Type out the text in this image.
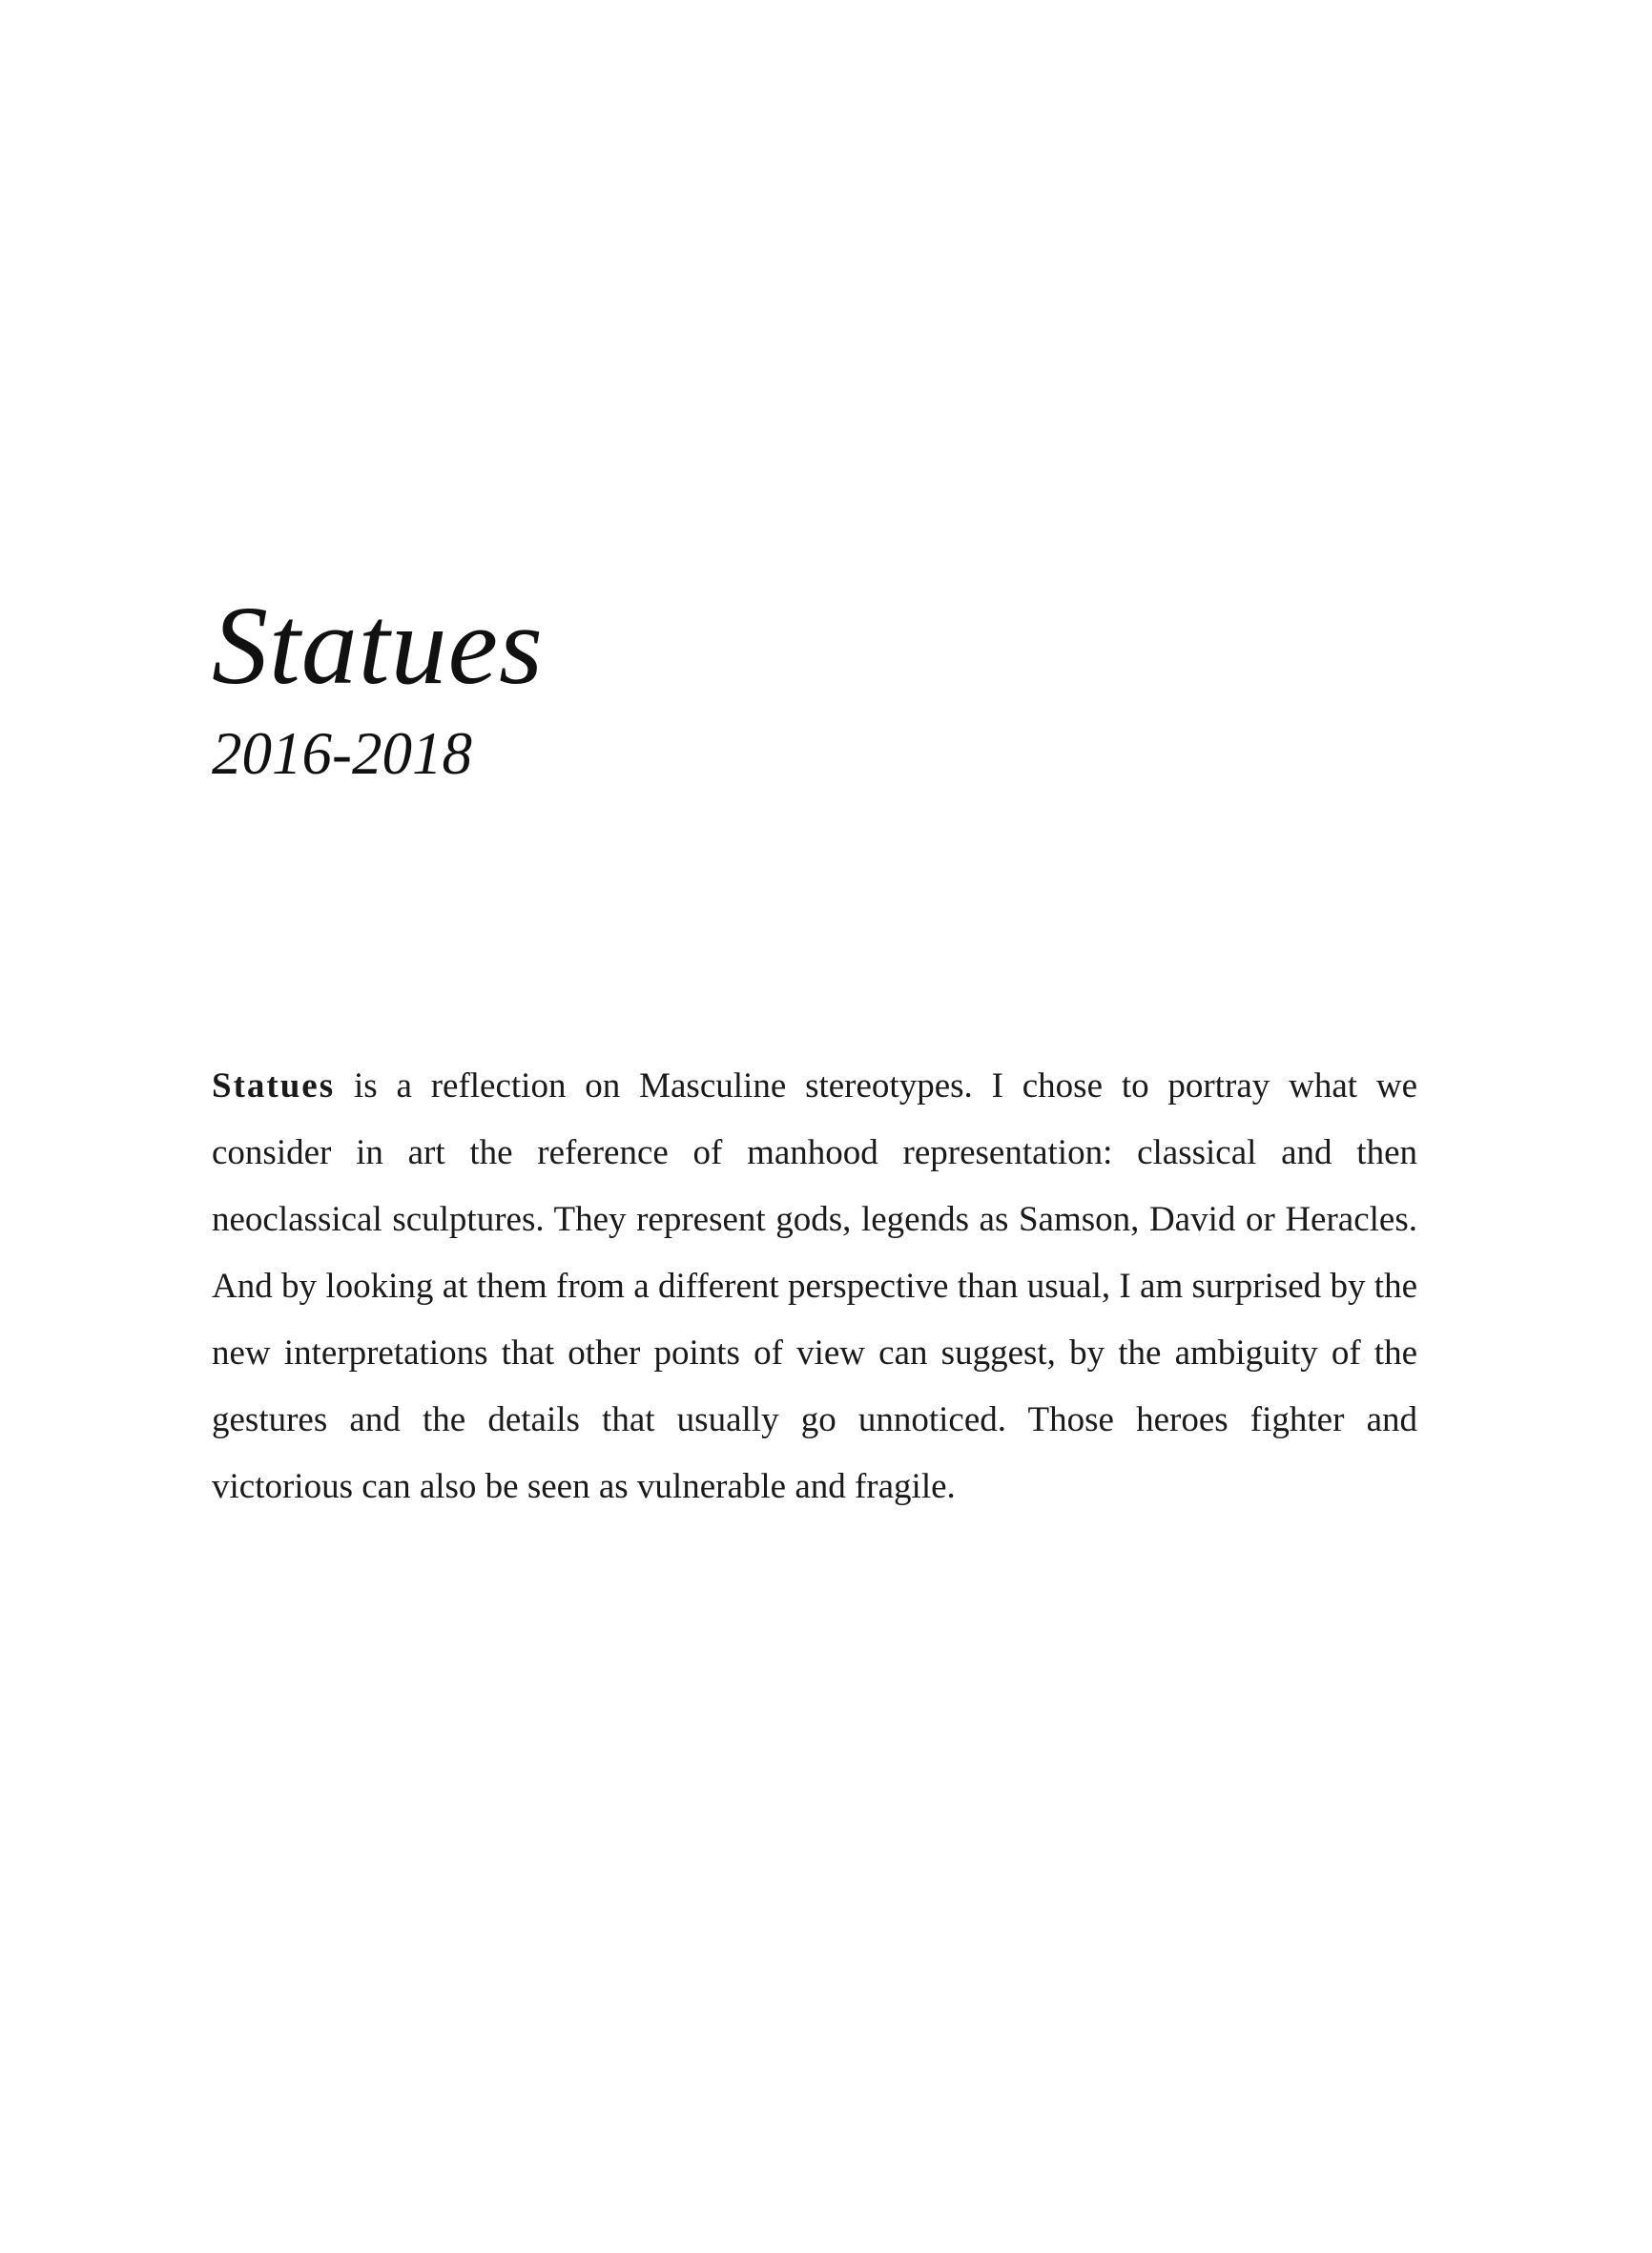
Statues
2016-2018

Statues is a reflection on Masculine stereotypes. I chose to portray what we consider in art the reference of manhood representation: classical and then neoclassical sculptures. They represent gods, legends as Samson, David or Heracles. And by looking at them from a different perspective than usual, I am surprised by the new interpretations that other points of view can suggest, by the ambiguity of the gestures and the details that usually go unnoticed. Those heroes fighter and victorious can also be seen as vulnerable and fragile.
